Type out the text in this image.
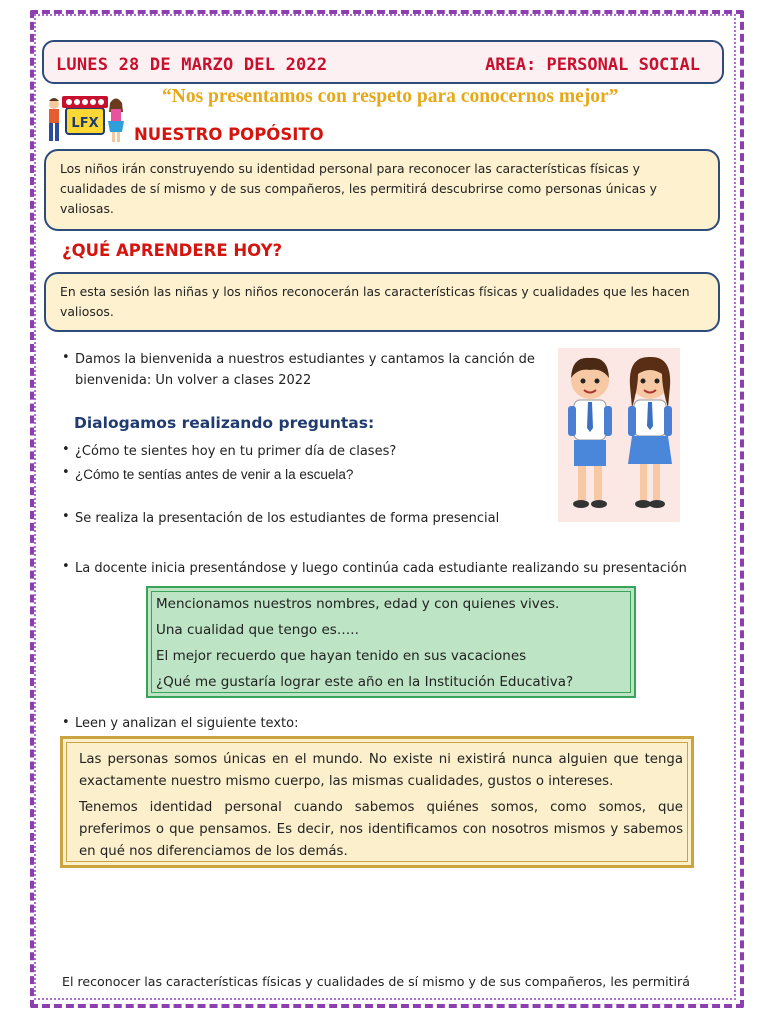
LUNES 28 DE MARZO DEL 2022	AREA: PERSONAL SOCIAL
LFX
“Nos presentamos con respeto para conocernos mejor”
NUESTRO POPÓSITO
Los niños irán construyendo su identidad personal para reconocer las características físicas y
cualidades de sí mismo y de sus compañeros, les permitirá descubrirse como personas únicas y
valiosas.
¿QUÉ APRENDERE HOY?
En esta sesión las niñas y los niños reconocerán las características físicas y cualidades que les hacen
valiosos.
• Damos la bienvenida a nuestros estudiantes y cantamos la canción de
bienvenida: Un volver a clases 2022
Dialogamos realizando preguntas:
• ¿Cómo te sientes hoy en tu primer día de clases?
• ¿Cómo te sentías antes de venir a la escuela?
• Se realiza la presentación de los estudiantes de forma presencial
• La docente inicia presentándose y luego continúa cada estudiante realizando su presentación
Mencionamos nuestros nombres, edad y con quienes vives.
Una cualidad que tengo es…..
El mejor recuerdo que hayan tenido en sus vacaciones
¿Qué me gustaría lograr este año en la Institución Educativa?
• Leen y analizan el siguiente texto:

Las personas somos únicas en el mundo. No existe ni existirá nunca alguien que tenga exactamente nuestro mismo cuerpo, las mismas cualidades, gustos o intereses.

Tenemos identidad personal cuando sabemos quiénes somos, como somos, que preferimos o que pensamos. Es decir, nos identificamos con nosotros mismos y sabemos en qué nos diferenciamos de los demás.

El reconocer las características físicas y cualidades de sí mismo y de sus compañeros, les permitirá
